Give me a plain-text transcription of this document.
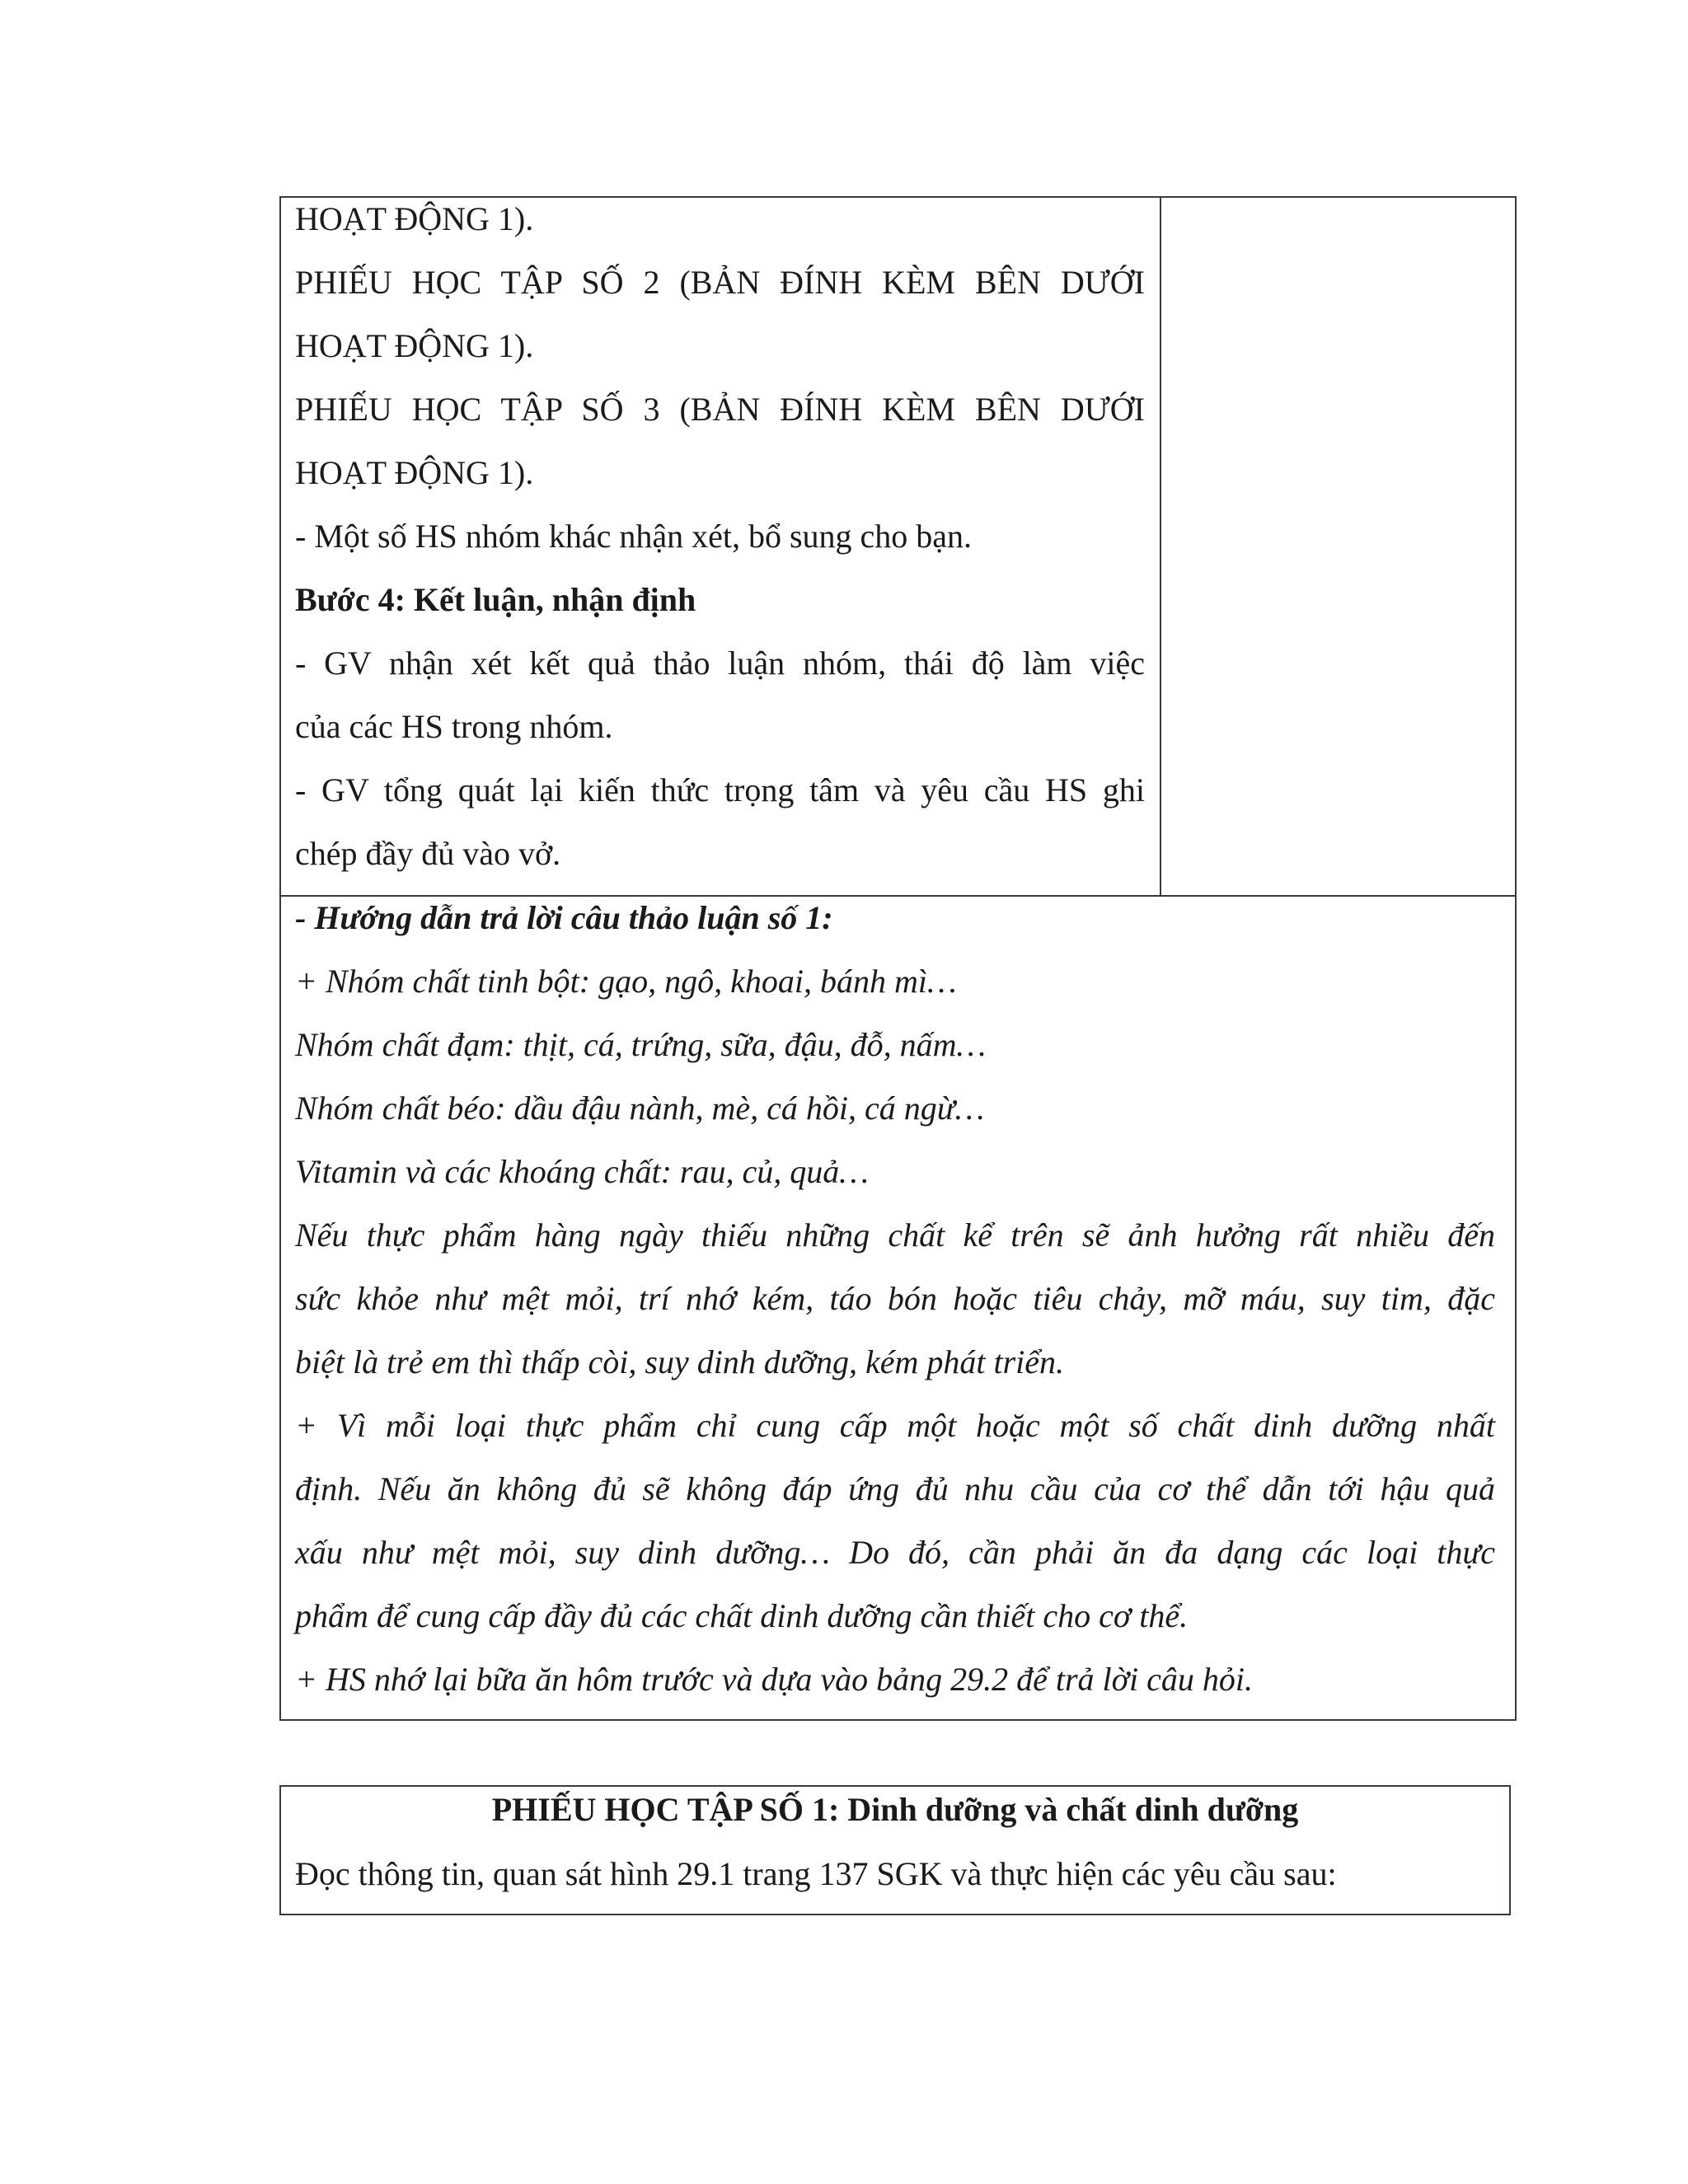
HOẠT ĐỘNG 1).
PHIẾU HỌC TẬP SỐ 2 (BẢN ĐÍNH KÈM BÊN DƯỚI
HOẠT ĐỘNG 1).
PHIẾU HỌC TẬP SỐ 3 (BẢN ĐÍNH KÈM BÊN DƯỚI
HOẠT ĐỘNG 1).
- Một số HS nhóm khác nhận xét, bổ sung cho bạn.
Bước 4: Kết luận, nhận định
- GV nhận xét kết quả thảo luận nhóm, thái độ làm việc
của các HS trong nhóm.
- GV tổng quát lại kiến thức trọng tâm và yêu cầu HS ghi
chép đầy đủ vào vở.
- Hướng dẫn trả lời câu thảo luận số 1:
+ Nhóm chất tinh bột: gạo, ngô, khoai, bánh mì…
Nhóm chất đạm: thịt, cá, trứng, sữa, đậu, đỗ, nấm…
Nhóm chất béo: dầu đậu nành, mè, cá hồi, cá ngừ…
Vitamin và các khoáng chất: rau, củ, quả…
Nếu thực phẩm hàng ngày thiếu những chất kể trên sẽ ảnh hưởng rất nhiều đến
sức khỏe như mệt mỏi, trí nhớ kém, táo bón hoặc tiêu chảy, mỡ máu, suy tim, đặc
biệt là trẻ em thì thấp còi, suy dinh dưỡng, kém phát triển.
+ Vì mỗi loại thực phẩm chỉ cung cấp một hoặc một số chất dinh dưỡng nhất
định. Nếu ăn không đủ sẽ không đáp ứng đủ nhu cầu của cơ thể dẫn tới hậu quả
xấu như mệt mỏi, suy dinh dưỡng… Do đó, cần phải ăn đa dạng các loại thực
phẩm để cung cấp đầy đủ các chất dinh dưỡng cần thiết cho cơ thể.
+ HS nhớ lại bữa ăn hôm trước và dựa vào bảng 29.2 để trả lời câu hỏi.
PHIẾU HỌC TẬP SỐ 1: Dinh dưỡng và chất dinh dưỡng
Đọc thông tin, quan sát hình 29.1 trang 137 SGK và thực hiện các yêu cầu sau:
